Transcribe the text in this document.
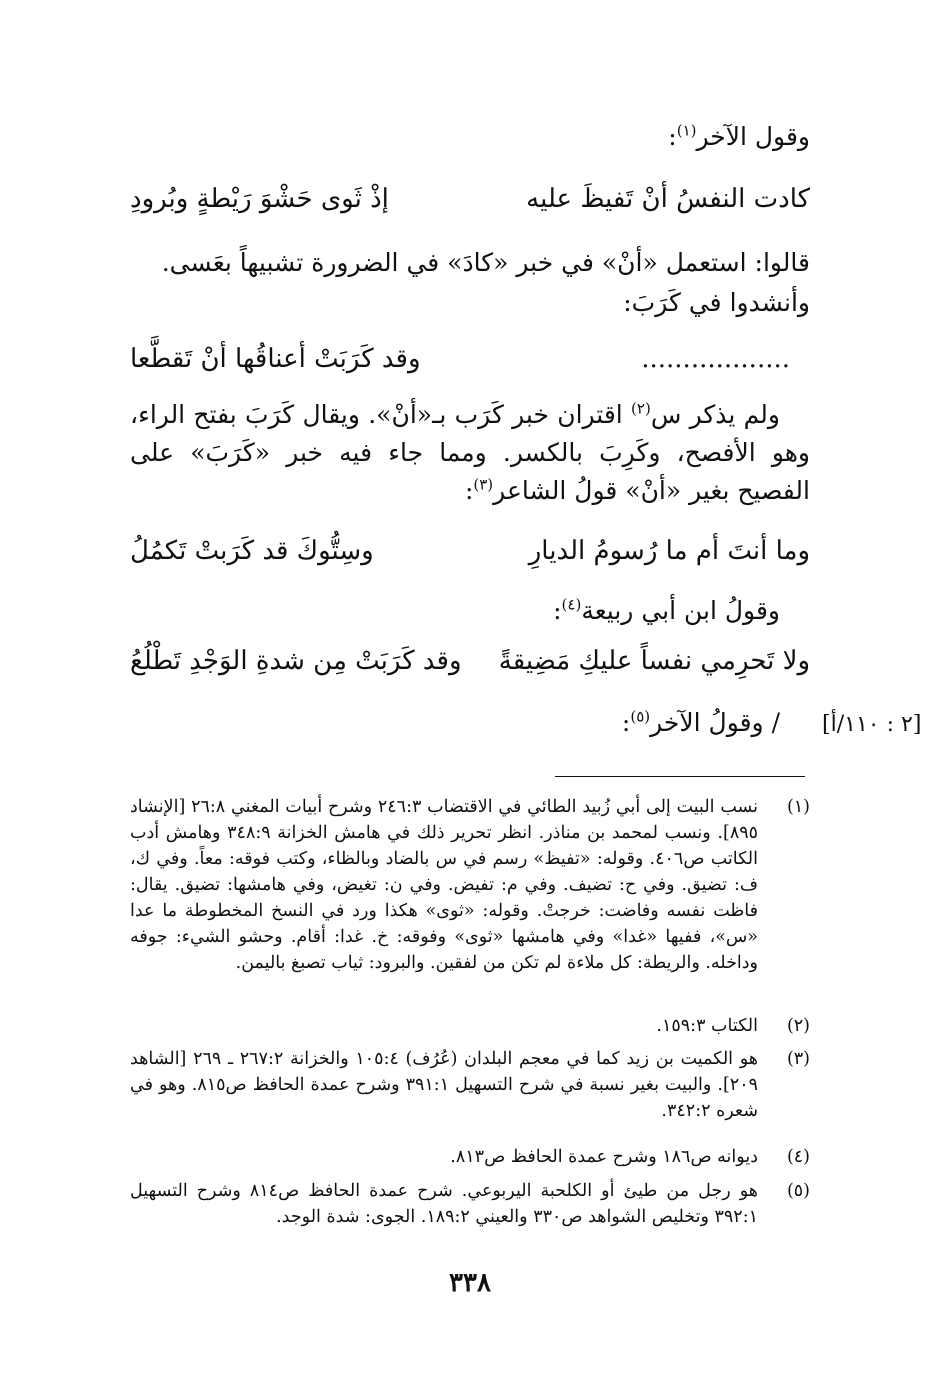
وقول الآخر$^{(١)}$:
كادت النفسُ أنْ تَفيظَ عليه
إذْ ثَوى حَشْوَ رَيْطةٍ وبُرودِ
قالوا: استعمل «أنْ» في خبر «كادَ» في الضرورة تشبيهاً بعَسى.
وأنشدوا في كَرَبَ:
..................
وقد كَرَبَتْ أعناقُها أنْ تَقطَّعا
ولم يذكر س$^{(٢)}$ اقتران خبر كَرَب بـ«أنْ». ويقال كَرَبَ بفتح الراء، وهو الأفصح، وكَرِبَ بالكسر. ومما جاء فيه خبر «كَرَبَ» على الفصيح بغير «أنْ» قولُ الشاعر$^{(٣)}$:
وما أنتَ أم ما رُسومُ الديارِ
وسِتُّوكَ قد كَرَبتْ تَكمُلُ
وقولُ ابن أبي ربيعة$^{(٤)}$:
ولا تَحرِمي نفساً عليكِ مَضِيقةً
وقد كَرَبَتْ مِن شدةِ الوَجْدِ تَطْلُعُ
/ وقولُ الآخر$^{(٥)}$:	[٢ : ١١٠/أ]
(١)
نسب البيت إلى أبي زُبيد الطائي في الاقتضاب ٢٤٦:٣ وشرح أبيات المغني ٢٦:٨ [الإنشاد ٨٩٥]. ونسب لمحمد بن مناذر. انظر تحرير ذلك في هامش الخزانة ٣٤٨:٩ وهامش أدب الكاتب ص٤٠٦. وقوله: «تفيظ» رسم في س بالضاد وبالظاء، وكتب فوقه: معاً. وفي ك، ف: تضيق. وفي ح: تضيف. وفي م: تفيض. وفي ن: تغيض، وفي هامشها: تضيق. يقال: فاظت نفسه وفاضت: خرجتْ. وقوله: «ثوى» هكذا ورد في النسخ المخطوطة ما عدا «س»، ففيها «غدا» وفي هامشها «ثوى» وفوقه: خ. غدا: أقام. وحشو الشيء: جوفه وداخله. والريطة: كل ملاءة لم تكن من لفقين. والبرود: ثياب تصبغ باليمن.
(٢)
الكتاب ١٥٩:٣.
(٣)
هو الكميت بن زيد كما في معجم البلدان (عُرُف) ١٠٥:٤ والخزانة ٢٦٧:٢ ـ ٢٦٩ [الشاهد ٢٠٩]. والبيت بغير نسبة في شرح التسهيل ٣٩١:١ وشرح عمدة الحافظ ص٨١٥. وهو في شعره ٣٤٢:٢.
(٤)
ديوانه ص١٨٦ وشرح عمدة الحافظ ص٨١٣.
(٥)
هو رجل من طيئ أو الكلحبة اليربوعي. شرح عمدة الحافظ ص٨١٤ وشرح التسهيل ٣٩٢:١ وتخليص الشواهد ص٣٣٠ والعيني ١٨٩:٢. الجوى: شدة الوجد.
٣٣٨
